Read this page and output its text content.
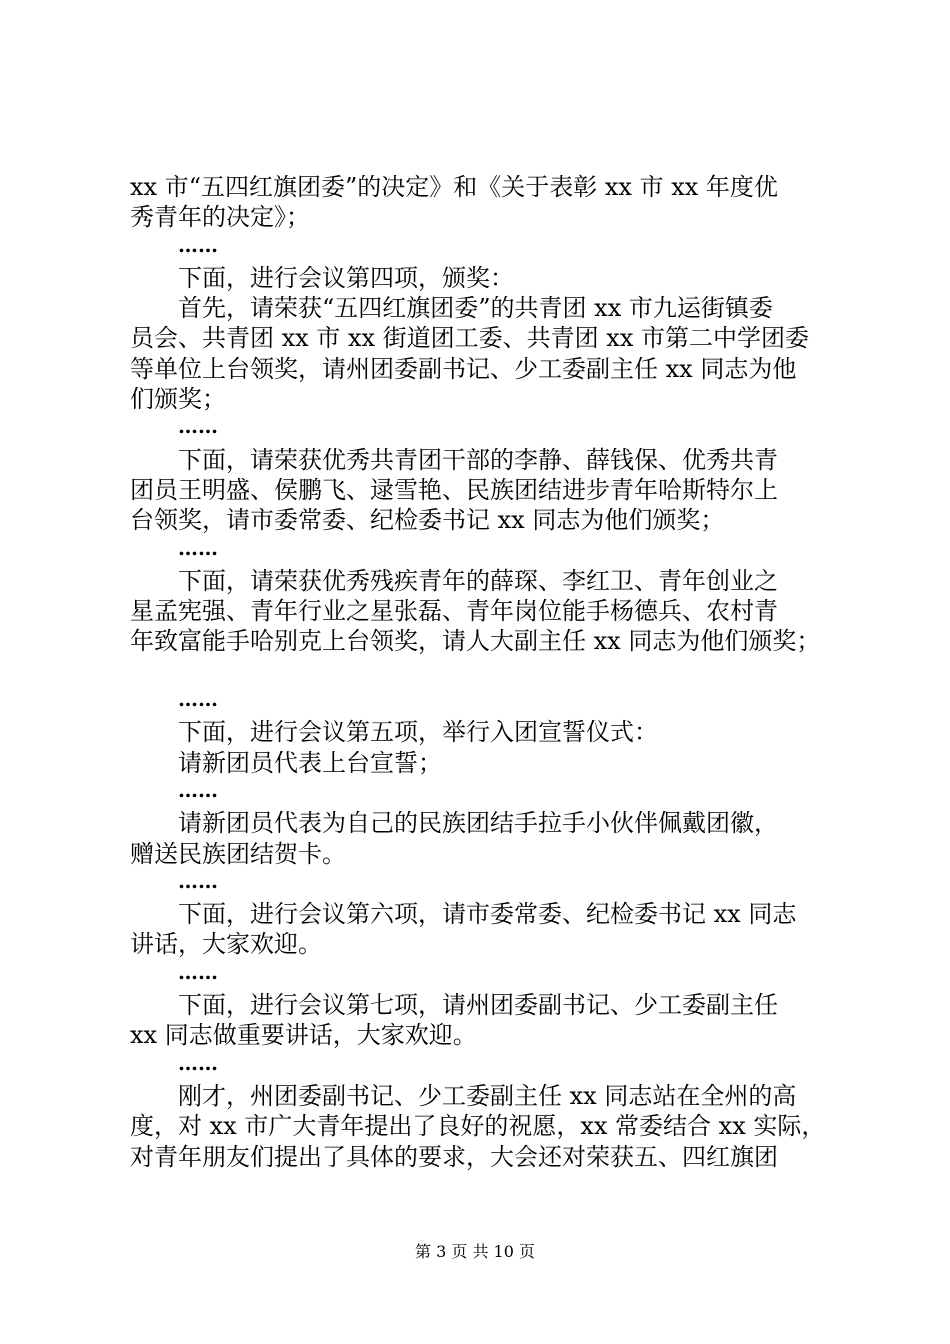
xx 市“五四红旗团委”的决定》和《关于表彰 xx 市 xx 年度优
秀青年的决定》；
……
下面，进行会议第四项，颁奖：
首先，请荣获“五四红旗团委”的共青团 xx 市九运街镇委
员会、共青团 xx 市 xx 街道团工委、共青团 xx 市第二中学团委
等单位上台领奖，请州团委副书记、少工委副主任 xx 同志为他
们颁奖；
……
下面，请荣获优秀共青团干部的李静、薛钱保、优秀共青
团员王明盛、侯鹏飞、逯雪艳、民族团结进步青年哈斯特尔上
台领奖，请市委常委、纪检委书记 xx 同志为他们颁奖；
……
下面，请荣获优秀残疾青年的薛琛、李红卫、青年创业之
星孟宪强、青年行业之星张磊、青年岗位能手杨德兵、农村青
年致富能手哈别克上台领奖，请人大副主任 xx 同志为他们颁奖；
……
下面，进行会议第五项，举行入团宣誓仪式：
请新团员代表上台宣誓；
……
请新团员代表为自己的民族团结手拉手小伙伴佩戴团徽，
赠送民族团结贺卡。
……
下面，进行会议第六项，请市委常委、纪检委书记 xx 同志
讲话，大家欢迎。
……
下面，进行会议第七项，请州团委副书记、少工委副主任
xx 同志做重要讲话，大家欢迎。
……
刚才，州团委副书记、少工委副主任 xx 同志站在全州的高
度，对 xx 市广大青年提出了良好的祝愿，xx 常委结合 xx 实际，
对青年朋友们提出了具体的要求，大会还对荣获五、四红旗团
第 3 页 共 10 页
